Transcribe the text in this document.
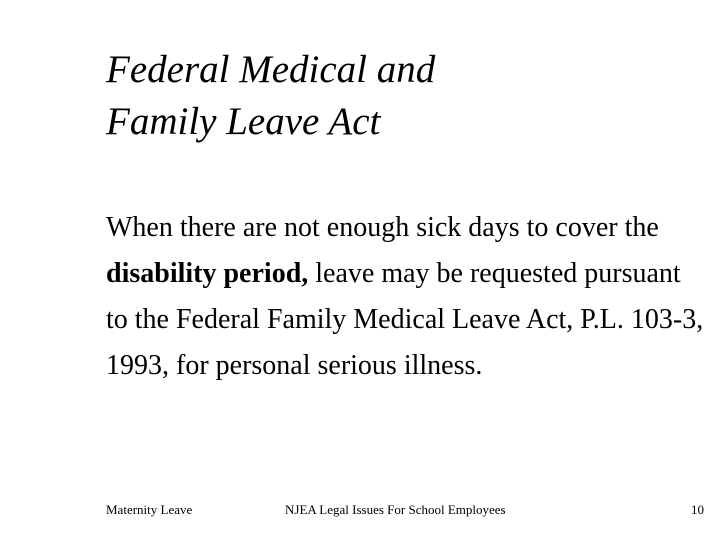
Federal Medical and
Family Leave Act

When there are not enough sick days to cover the disability period, leave may be requested pursuant to the Federal Family Medical Leave Act, P.L. 103-3, 1993, for personal serious illness.

Maternity Leave	NJEA Legal Issues For School Employees	10
